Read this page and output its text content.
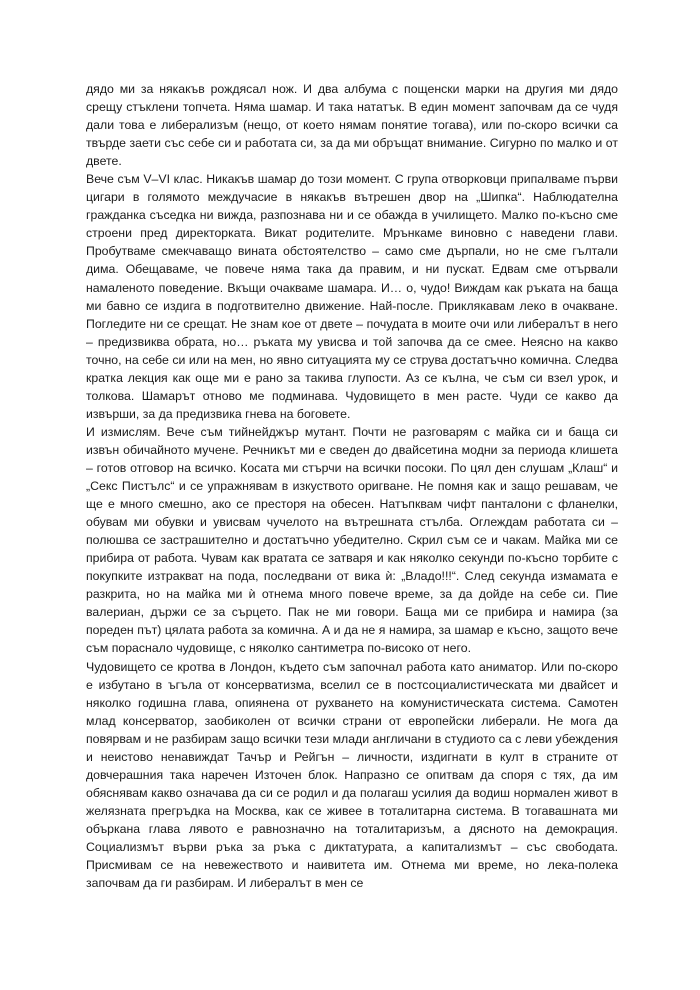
дядо ми за някакъв рождясал нож. И два албума с пощенски марки на другия ми дядо срещу стъклени топчета. Няма шамар. И така нататък. В един момент започвам да се чудя дали това е либерализъм (нещо, от което нямам понятие тогава), или по-скоро всички са твърде заети със себе си и работата си, за да ми обръщат внимание. Сигурно по малко и от двете.

Вече съм V–VI клас. Никакъв шамар до този момент. С група отворковци припалваме първи цигари в голямото междучасие в някакъв вътрешен двор на „Шипка“. Наблюдателна гражданка съседка ни вижда, разпознава ни и се обажда в училището. Малко по-късно сме строени пред директорката. Викат родителите. Мрънкаме виновно с наведени глави. Пробутваме смекчаващо вината обстоятелство – само сме дърпали, но не сме гълтали дима. Обещаваме, че повече няма така да правим, и ни пускат. Едвам сме отървали намаленото поведение. Вкъщи очакваме шамара. И… о, чудо! Виждам как ръката на баща ми бавно се издига в подготвително движение. Най-после. Приклякавам леко в очакване. Погледите ни се срещат. Не знам кое от двете – почудата в моите очи или либералът в него – предизвиква обрата, но… ръката му увисва и той започва да се смее. Неясно на какво точно, на себе си или на мен, но явно ситуацията му се струва достатъчно комична. Следва кратка лекция как още ми е рано за такива глупости. Аз се кълна, че съм си взел урок, и толкова. Шамарът отново ме подминава. Чудовището в мен расте. Чуди се какво да извърши, за да предизвика гнева на боговете.

И измислям. Вече съм тийнейджър мутант. Почти не разговарям с майка си и баща си извън обичайното мучене. Речникът ми е сведен до двайсетина модни за периода клишета – готов отговор на всичко. Косата ми стърчи на всички посоки. По цял ден слушам „Клаш“ и „Секс Пистълс“ и се упражнявам в изкуството оригване. Не помня как и защо решавам, че ще е много смешно, ако се престоря на обесен. Натъпквам чифт панталони с фланелки, обувам ми обувки и увисвам чучелото на вътрешната стълба. Оглеждам работата си – полюшва се застрашително и достатъчно убедително. Скрил съм се и чакам. Майка ми се прибира от работа. Чувам как вратата се затваря и как няколко секунди по-късно торбите с покупките изтракват на пода, последвани от вика ѝ: „Владо!!!“. След секунда измамата е разкрита, но на майка ми ѝ отнема много повече време, за да дойде на себе си. Пие валериан, държи се за сърцето. Пак не ми говори. Баща ми се прибира и намира (за пореден път) цялата работа за комична. А и да не я намира, за шамар е късно, защото вече съм пораснало чудовище, с няколко сантиметра по-високо от него.

Чудовището се кротва в Лондон, където съм започнал работа като аниматор. Или по-скоро е избутано в ъгъла от консерватизма, вселил се в постсоциалистическата ми двайсет и няколко годишна глава, опиянена от рухването на комунистическата система. Самотен млад консерватор, заобиколен от всички страни от европейски либерали. Не мога да повярвам и не разбирам защо всички тези млади англичани в студиото са с леви убеждения и неистово ненавиждат Тачър и Рейгън – личности, издигнати в култ в страните от довчерашния така наречен Източен блок. Напразно се опитвам да споря с тях, да им обяснявам какво означава да си се родил и да полагаш усилия да водиш нормален живот в желязната прегръдка на Москва, как се живее в тоталитарна система. В тогавашната ми объркана глава лявото е равнозначно на тоталитаризъм, а дясното на демокрация. Социализмът върви ръка за ръка с диктатурата, а капитализмът – със свободата. Присмивам се на невежеството и наивитета им. Отнема ми време, но лека-полека започвам да ги разбирам. И либералът в мен се
